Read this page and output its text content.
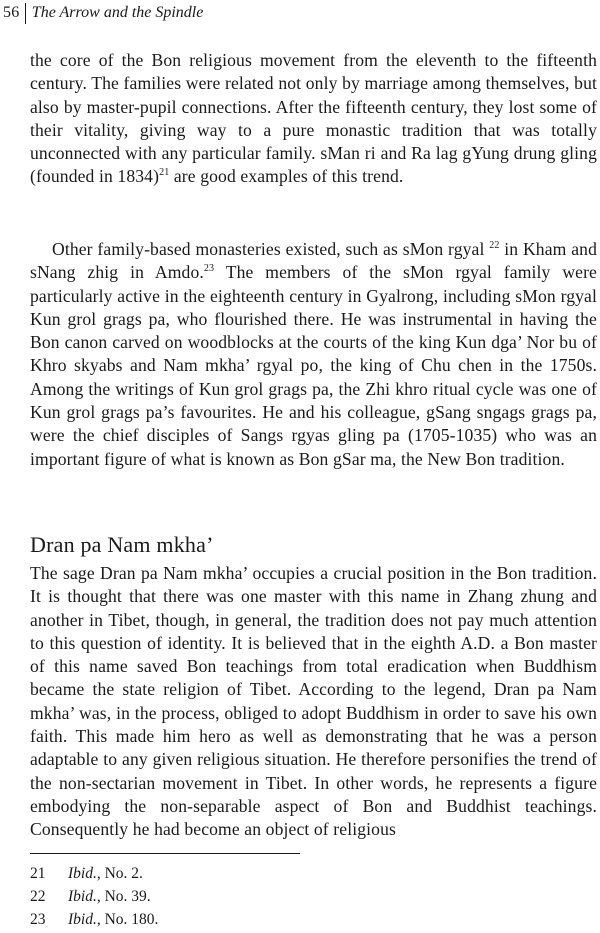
56 The Arrow and the Spindle

the core of the Bon religious movement from the eleventh to the fifteenth century. The families were related not only by marriage among themselves, but also by master-pupil connections. After the fifteenth century, they lost some of their vitality, giving way to a pure monastic tradition that was totally unconnected with any particular family. sMan ri and Ra lag gYung drung gling (founded in 1834)$^{21}$ are good examples of this trend.

Other family-based monasteries existed, such as sMon rgyal $^{22}$ in Kham and sNang zhig in Amdo.$^{23}$ The members of the sMon rgyal family were particularly active in the eighteenth century in Gyalrong, including sMon rgyal Kun grol grags pa, who flourished there. He was instrumental in having the Bon canon carved on woodblocks at the courts of the king Kun dga’ Nor bu of Khro skyabs and Nam mkha’ rgyal po, the king of Chu chen in the 1750s. Among the writings of Kun grol grags pa, the Zhi khro ritual cycle was one of Kun grol grags pa’s favourites. He and his colleague, gSang sngags grags pa, were the chief disciples of Sangs rgyas gling pa (1705-1035) who was an important figure of what is known as Bon gSar ma, the New Bon tradition.

Dran pa Nam mkha’

The sage Dran pa Nam mkha’ occupies a crucial position in the Bon tradition. It is thought that there was one master with this name in Zhang zhung and another in Tibet, though, in general, the tradition does not pay much attention to this question of identity. It is believed that in the eighth A.D. a Bon master of this name saved Bon teachings from total eradication when Buddhism became the state religion of Tibet. According to the legend, Dran pa Nam mkha’ was, in the process, obliged to adopt Buddhism in order to save his own faith. This made him hero as well as demonstrating that he was a person adaptable to any given religious situation. He therefore personifies the trend of the non-sectarian movement in Tibet. In other words, he represents a figure embodying the non-separable aspect of Bon and Buddhist teachings. Consequently he had become an object of religious

21	Ibid., No. 2.
22	Ibid., No. 39.
23	Ibid., No. 180.
